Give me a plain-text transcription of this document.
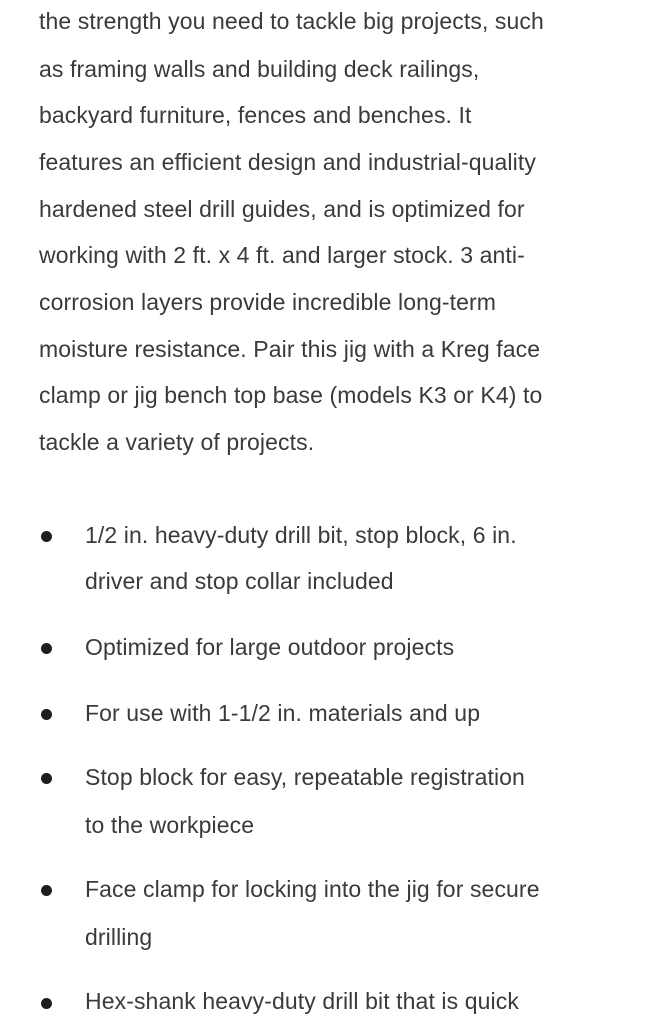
the strength you need to tackle big projects, such
as framing walls and building deck railings,
backyard furniture, fences and benches. It
features an efficient design and industrial-quality
hardened steel drill guides, and is optimized for
working with 2 ft. x 4 ft. and larger stock. 3 anti-
corrosion layers provide incredible long-term
moisture resistance. Pair this jig with a Kreg face
clamp or jig bench top base (models K3 or K4) to
tackle a variety of projects.
1/2 in. heavy-duty drill bit, stop block, 6 in.
driver and stop collar included
Optimized for large outdoor projects
For use with 1-1/2 in. materials and up
Stop block for easy, repeatable registration
to the workpiece
Face clamp for locking into the jig for secure
drilling
Hex-shank heavy-duty drill bit that is quick
